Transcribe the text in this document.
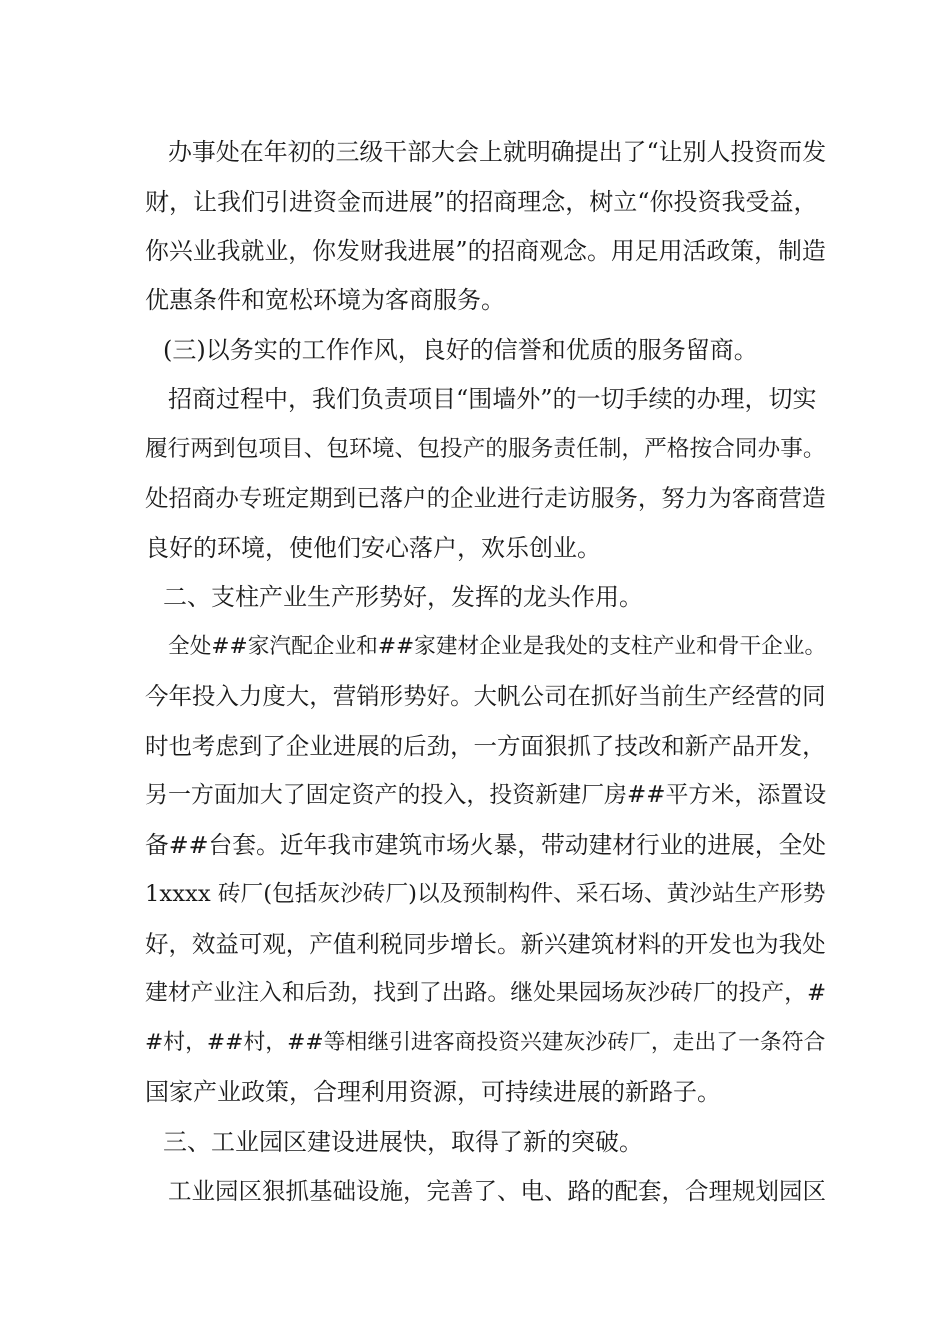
办事处在年初的三级干部大会上就明确提出了“让别人投资而发
财，让我们引进资金而进展”的招商理念，树立“你投资我受益，
你兴业我就业，你发财我进展”的招商观念。用足用活政策，制造
优惠条件和宽松环境为客商服务。
(三)以务实的工作作风，良好的信誉和优质的服务留商。
招商过程中，我们负责项目“围墙外”的一切手续的办理，切实
履行两到包项目、包环境、包投产的服务责任制，严格按合同办事。
处招商办专班定期到已落户的企业进行走访服务，努力为客商营造
良好的环境，使他们安心落户，欢乐创业。
二、支柱产业生产形势好，发挥的龙头作用。
全处##家汽配企业和##家建材企业是我处的支柱产业和骨干企业。
今年投入力度大，营销形势好。大帆公司在抓好当前生产经营的同
时也考虑到了企业进展的后劲，一方面狠抓了技改和新产品开发，
另一方面加大了固定资产的投入，投资新建厂房##平方米，添置设
备##台套。近年我市建筑市场火暴，带动建材行业的进展，全处
1xxxx 砖厂(包括灰沙砖厂)以及预制构件、采石场、黄沙站生产形势
好，效益可观，产值利税同步增长。新兴建筑材料的开发也为我处
建材产业注入和后劲，找到了出路。继处果园场灰沙砖厂的投产，#
#村，##村，##等相继引进客商投资兴建灰沙砖厂，走出了一条符合
国家产业政策，合理利用资源，可持续进展的新路子。
三、工业园区建设进展快，取得了新的突破。
工业园区狠抓基础设施，完善了、电、路的配套，合理规划园区
